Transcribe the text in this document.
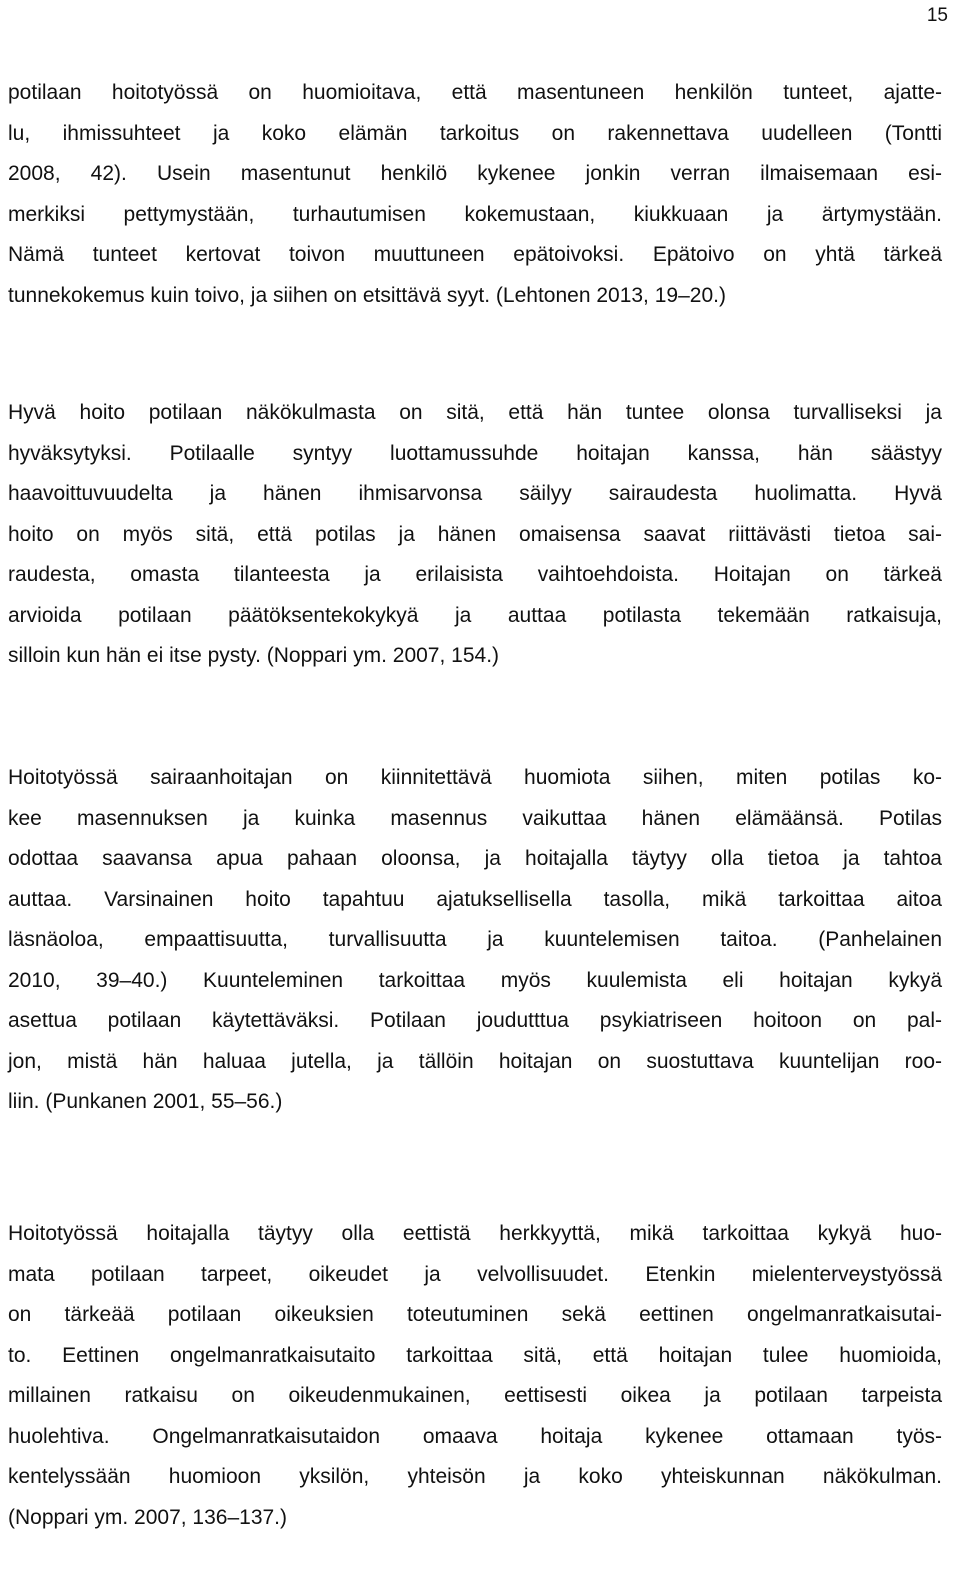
15
potilaan hoitotyössä on huomioitava, että masentuneen henkilön tunteet, ajatte-
lu, ihmissuhteet ja koko elämän tarkoitus on rakennettava uudelleen (Tontti
2008, 42). Usein masentunut henkilö kykenee jonkin verran ilmaisemaan esi-
merkiksi pettymystään, turhautumisen kokemustaan, kiukkuaan ja ärtymystään.
Nämä tunteet kertovat toivon muuttuneen epätoivoksi. Epätoivo on yhtä tärkeä
tunnekokemus kuin toivo, ja siihen on etsittävä syyt. (Lehtonen 2013, 19–20.)
Hyvä hoito potilaan näkökulmasta on sitä, että hän tuntee olonsa turvalliseksi ja
hyväksytyksi. Potilaalle syntyy luottamussuhde hoitajan kanssa, hän säästyy
haavoittuvuudelta ja hänen ihmisarvonsa säilyy sairaudesta huolimatta. Hyvä
hoito on myös sitä, että potilas ja hänen omaisensa saavat riittävästi tietoa sai-
raudesta, omasta tilanteesta ja erilaisista vaihtoehdoista. Hoitajan on tärkeä
arvioida potilaan päätöksentekokykyä ja auttaa potilasta tekemään ratkaisuja,
silloin kun hän ei itse pysty. (Noppari ym. 2007, 154.)
Hoitotyössä sairaanhoitajan on kiinnitettävä huomiota siihen, miten potilas ko-
kee masennuksen ja kuinka masennus vaikuttaa hänen elämäänsä. Potilas
odottaa saavansa apua pahaan oloonsa, ja hoitajalla täytyy olla tietoa ja tahtoa
auttaa. Varsinainen hoito tapahtuu ajatuksellisella tasolla, mikä tarkoittaa aitoa
läsnäoloa, empaattisuutta, turvallisuutta ja kuuntelemisen taitoa. (Panhelainen
2010, 39–40.) Kuunteleminen tarkoittaa myös kuulemista eli hoitajan kykyä
asettua potilaan käytettäväksi. Potilaan joudutttua psykiatriseen hoitoon on pal-
jon, mistä hän haluaa jutella, ja tällöin hoitajan on suostuttava kuuntelijan roo-
liin. (Punkanen 2001, 55–56.)
Hoitotyössä hoitajalla täytyy olla eettistä herkkyyttä, mikä tarkoittaa kykyä huo-
mata potilaan tarpeet, oikeudet ja velvollisuudet. Etenkin mielenterveystyössä
on tärkeää potilaan oikeuksien toteutuminen sekä eettinen ongelmanratkaisutai-
to. Eettinen ongelmanratkaisutaito tarkoittaa sitä, että hoitajan tulee huomioida,
millainen ratkaisu on oikeudenmukainen, eettisesti oikea ja potilaan tarpeista
huolehtiva. Ongelmanratkaisutaidon omaava hoitaja kykenee ottamaan työs-
kentelyssään huomioon yksilön, yhteisön ja koko yhteiskunnan näkökulman.
(Noppari ym. 2007, 136–137.)
